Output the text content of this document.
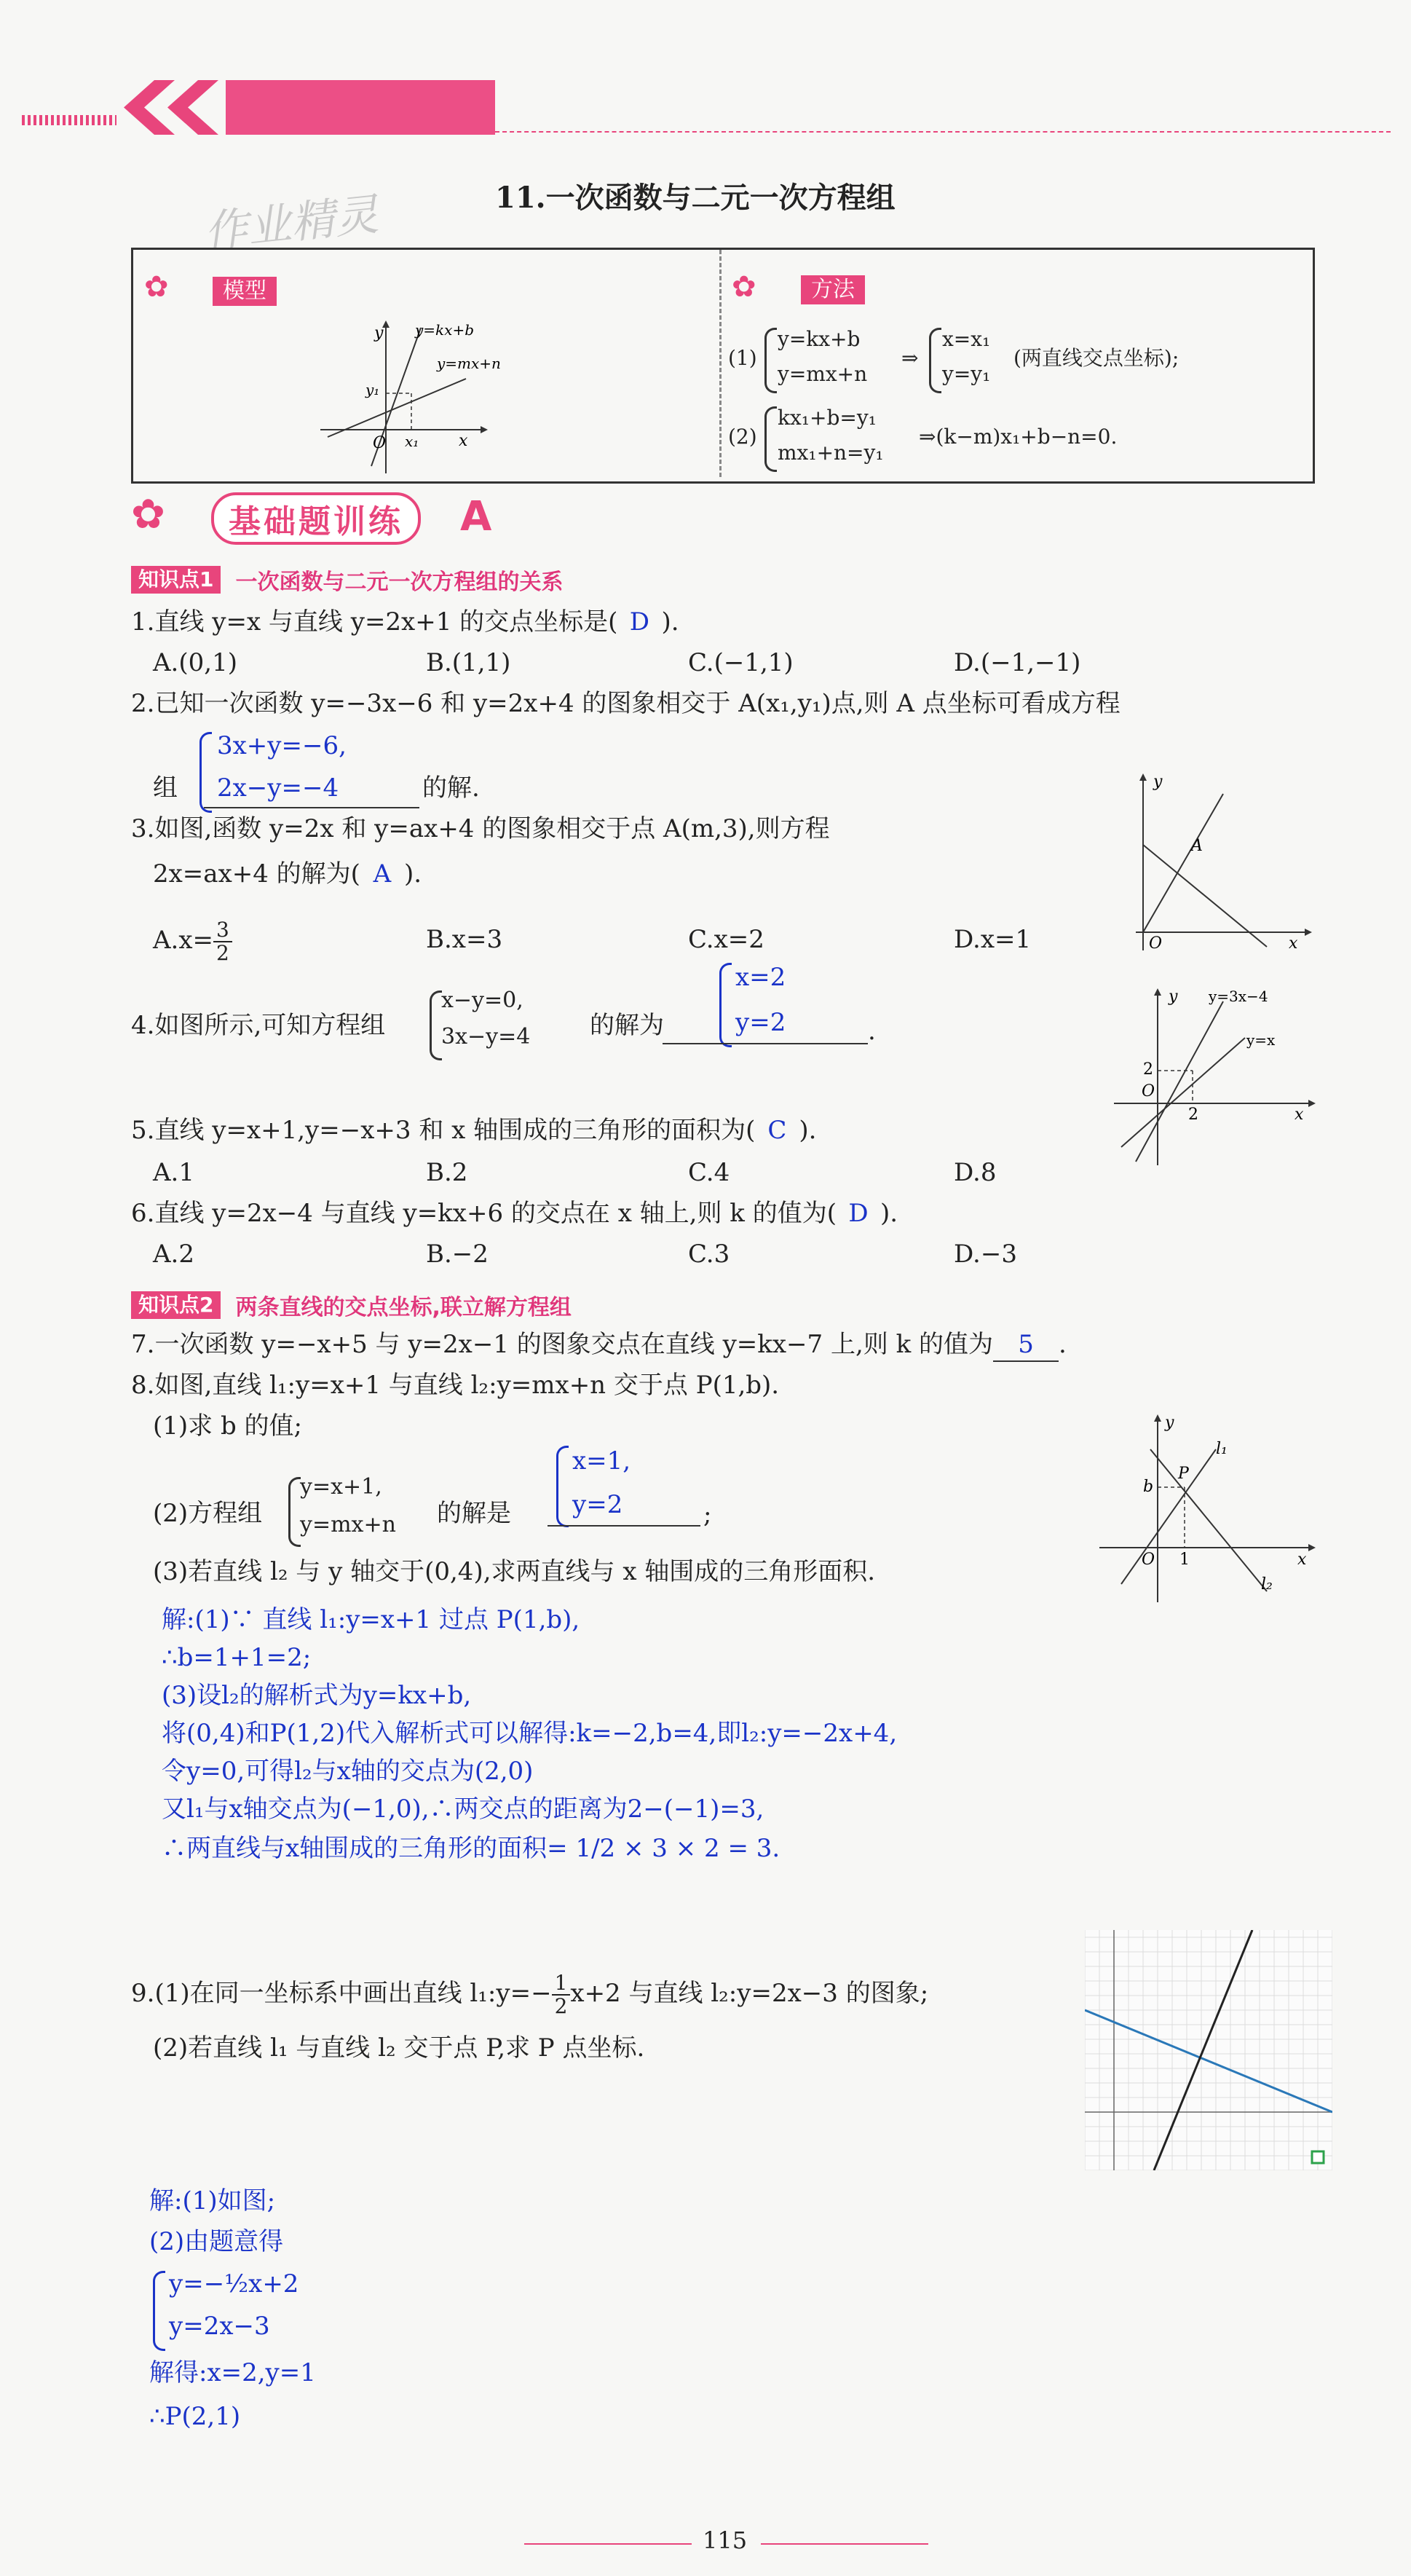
作业精灵	11.一次函数与二元一次方程组
✿	模型	✿	方法
y
x
O
y=kx+b
y=mx+n
y₁
x₁
(1)
y=kx+b
y=mx+n
⇒
x=x₁
y=y₁
(两直线交点坐标);
(2)
kx₁+b=y₁
mx₁+n=y₁
⇒(k−m)x₁+b−n=0.
✿ 基础题训练 A
知识点1	一次函数与二元一次方程组的关系
1.直线 y=x 与直线 y=2x+1 的交点坐标是( D ).
A.(0,1)	B.(1,1)	C.(−1,1)	D.(−1,−1)
2.已知一次函数 y=−3x−6 和 y=2x+4 的图象相交于 A(x₁,y₁)点,则 A 点坐标可看成方程
组
3x+y=−6,
2x−y=−4	的解.	y
x
O
A
3.如图,函数 y=2x 和 y=ax+4 的图象相交于点 A(m,3),则方程
2x=ax+4 的解为( A ).
$A.x= \frac{3}{2}$	B.x=3	C.x=2	D.x=1
y
x
O
y=3x−4
y=x
2
2
4.如图所示,可知方程组
x−y=0,
3x−y=4 的解为
x=2
y=2	.
5.直线 y=x+1,y=−x+3 和 x 轴围成的三角形的面积为( C ).
A.1	B.2	C.4	D.8
6.直线 y=2x−4 与直线 y=kx+6 的交点在 x 轴上,则 k 的值为( D ).
A.2	B.−2	C.3	D.−3
知识点2	两条直线的交点坐标,联立解方程组
7.一次函数 y=−x+5 与 y=2x−1 的图象交点在直线 y=kx−7 上,则 k 的值为 5 .
8.如图,直线 l₁:y=x+1 与直线 l₂:y=mx+n 交于点 P(1,b).
(1)求 b 的值;
(2)方程组
y=x+1,
y=mx+n 的解是
x=1,
y=2	;
(3)若直线 l₂ 与 y 轴交于(0,4),求两直线与 x 轴围成的三角形面积.
y
x
O
P
b
1
l₁
l₂
解:(1)∵ 直线 l₁:y=x+1 过点 P(1,b),
∴b=1+1=2;
(3)设l₂的解析式为y=kx+b,
将(0,4)和P(1,2)代入解析式可以解得:k=−2,b=4,即l₂:y=−2x+4,
令y=0,可得l₂与x轴的交点为(2,0)
又l₁与x轴交点为(−1,0),∴两交点的距离为2−(−1)=3,
∴两直线与x轴围成的三角形的面积= 1/2 × 3 × 2 = 3.
9.(1)在同一坐标系中画出直线 l₁:y=− $\frac{1}{2} x+2$ 与直线 l₂:y=2x−3 的图象;
(2)若直线 l₁ 与直线 l₂ 交于点 P,求 P 点坐标.
解:(1)如图;
(2)由题意得
y=−½x+2
y=2x−3
解得:x=2,y=1
∴P(2,1)
115
